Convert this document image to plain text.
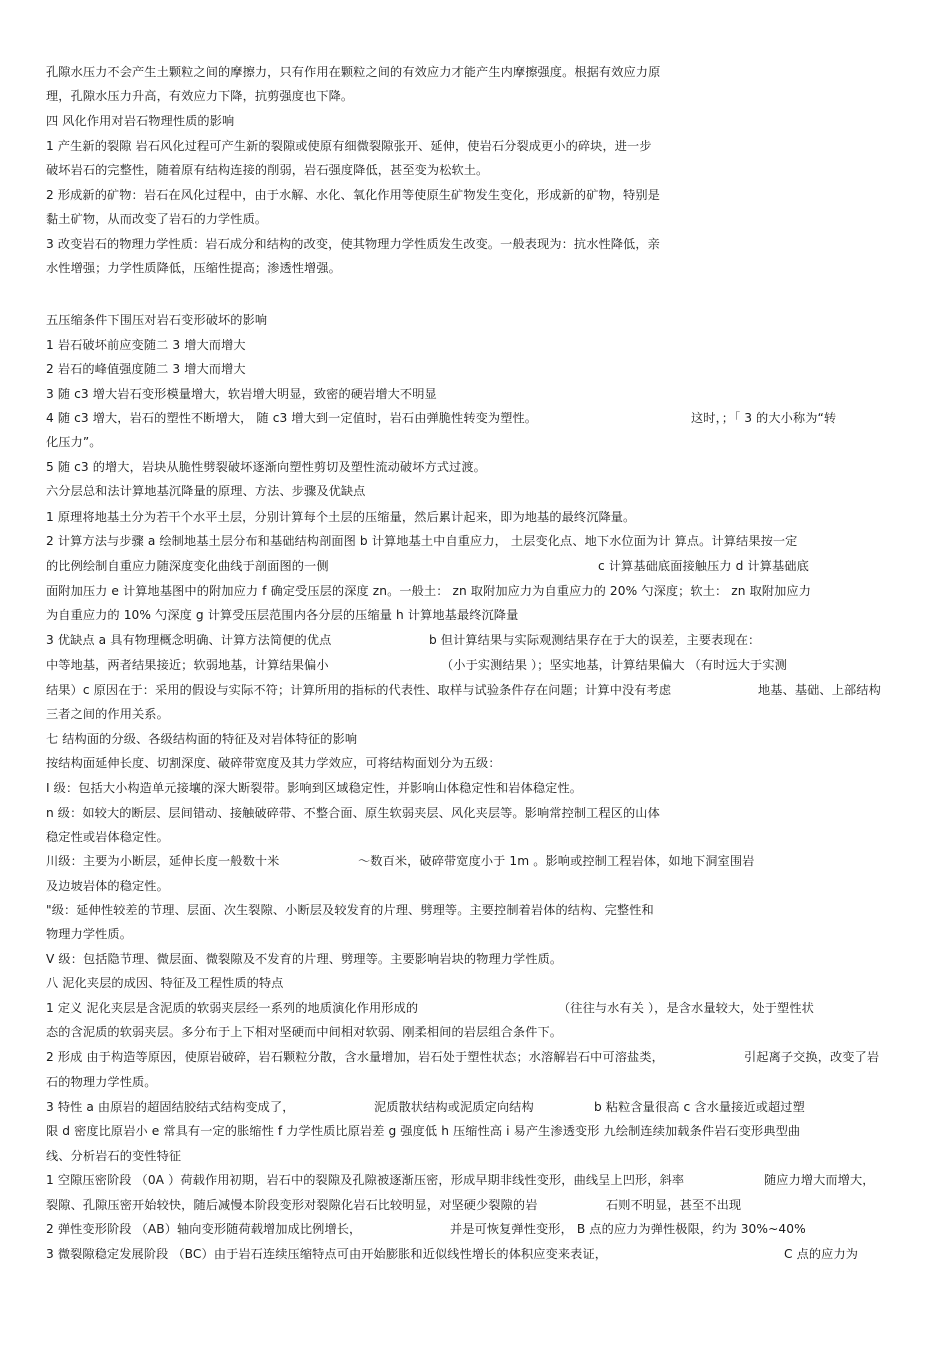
孔隙水压力不会产生土颗粒之间的摩擦力，只有作用在颗粒之间的有效应力才能产生内摩擦强度。根据有效应力原
理，孔隙水压力升高，有效应力下降，抗剪强度也下降。
四 风化作用对岩石物理性质的影响
1 产生新的裂隙 岩石风化过程可产生新的裂隙或使原有细微裂隙张开、延伸，使岩石分裂成更小的碎块，进一步
破坏岩石的完整性，随着原有结构连接的削弱，岩石强度降低，甚至变为松软土。
2 形成新的矿物：岩石在风化过程中，由于水解、水化、氧化作用等使原生矿物发生变化，形成新的矿物，特别是
黏土矿物，从而改变了岩石的力学性质。
3 改变岩石的物理力学性质：岩石成分和结构的改变，使其物理力学性质发生改变。一般表现为：抗水性降低，亲
水性增强；力学性质降低，压缩性提高；渗透性增强。
五压缩条件下围压对岩石变形破坏的影响
1 岩石破坏前应变随二 3 增大而增大
2 岩石的峰值强度随二 3 增大而增大
3 随 c3 增大岩石变形模量增大，软岩增大明显，致密的硬岩增大不明显
4 随 c3 增大，岩石的塑性不断增大， 随 c3 增大到一定值时，岩石由弹脆性转变为塑性。	这时，；「 3 的大小称为“转
化压力”。
5 随 c3 的增大，岩块从脆性劈裂破坏逐渐向塑性剪切及塑性流动破坏方式过渡。
六分层总和法计算地基沉降量的原理、方法、步骤及优缺点
1 原理将地基土分为若干个水平土层，分别计算每个土层的压缩量，然后累计起来，即为地基的最终沉降量。
2 计算方法与步骤 a 绘制地基土层分布和基础结构剖面图 b 计算地基土中自重应力， 土层变化点、地下水位面为计 算点。计算结果按一定
的比例绘制自重应力随深度变化曲线于剖面图的一侧	c 计算基础底面接触压力 d 计算基础底
面附加压力 e 计算地基图中的附加应力 f 确定受压层的深度 zn。一般土： zn 取附加应力为自重应力的 20% 勺深度；软土： zn 取附加应力
为自重应力的 10% 勺深度 g 计算受压层范围内各分层的压缩量 h 计算地基最终沉降量
3 优缺点 a 具有物理概念明确、计算方法简便的优点	b 但计算结果与实际观测结果存在于大的误差，主要表现在：
中等地基，两者结果接近；软弱地基，计算结果偏小	（小于实测结果 ）；坚实地基，计算结果偏大 （有时远大于实测
结果）c 原因在于：采用的假设与实际不符；计算所用的指标的代表性、取样与试验条件存在问题；计算中没有考虑	地基、基础、上部结构
三者之间的作用关系。
七 结构面的分级、各级结构面的特征及对岩体特征的影响
按结构面延伸长度、切割深度、破碎带宽度及其力学效应，可将结构面划分为五级：
I 级：包括大小构造单元接壤的深大断裂带。影响到区域稳定性，并影响山体稳定性和岩体稳定性。
n 级：如较大的断层、层间错动、接触破碎带、不整合面、原生软弱夹层、风化夹层等。影响常控制工程区的山体
稳定性或岩体稳定性。
川级：主要为小断层，延伸长度一般数十米	～数百米，破碎带宽度小于 1m 。影响或控制工程岩体，如地下洞室围岩
及边坡岩体的稳定性。
"级：延伸性较差的节理、层面、次生裂隙、小断层及较发育的片理、劈理等。主要控制着岩体的结构、完整性和
物理力学性质。
V 级：包括隐节理、微层面、微裂隙及不发育的片理、劈理等。主要影响岩块的物理力学性质。
八 泥化夹层的成因、特征及工程性质的特点
1 定义 泥化夹层是含泥质的软弱夹层经一系列的地质演化作用形成的	（往往与水有关 ），是含水量较大，处于塑性状
态的含泥质的软弱夹层。多分布于上下相对坚硬而中间相对软弱、刚柔相间的岩层组合条件下。
2 形成 由于构造等原因，使原岩破碎，岩石颗粒分散，含水量增加，岩石处于塑性状态；水溶解岩石中可溶盐类，	引起离子交换，改变了岩
石的物理力学性质。
3 特性 a 由原岩的超固结胶结式结构变成了，	泥质散状结构或泥质定向结构	b 粘粒含量很高 c 含水量接近或超过塑
限 d 密度比原岩小 e 常具有一定的胀缩性 f 力学性质比原岩差 g 强度低 h 压缩性高 i 易产生渗透变形 九绘制连续加载条件岩石变形典型曲
线、分析岩石的变性特征
1 空隙压密阶段 （0A ）荷载作用初期，岩石中的裂隙及孔隙被逐渐压密，形成早期非线性变形，曲线呈上凹形，斜率	随应力增大而增大，
裂隙、孔隙压密开始较快，随后减慢本阶段变形对裂隙化岩石比较明显，对坚硬少裂隙的岩	石则不明显，甚至不出现
2 弹性变形阶段 （AB）轴向变形随荷载增加成比例增长，	并是可恢复弹性变形， B 点的应力为弹性极限，约为 30%~40%
3 微裂隙稳定发展阶段 （BC）由于岩石连续压缩特点可由开始膨胀和近似线性增长的体积应变来表证，	C 点的应力为
